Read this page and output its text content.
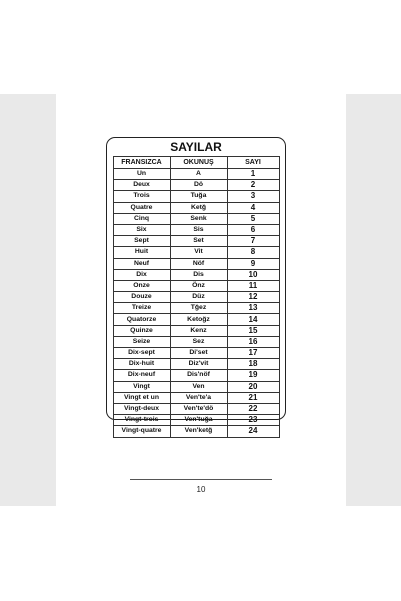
SAYILAR
FRANSIZCA	OKUNUŞ	SAYI
Un	A	1
Deux	Dö	2
Trois	Tuğa	3
Quatre	Ketğ	4
Cinq	Senk	5
Six	Sis	6
Sept	Set	7
Huit	Vit	8
Neuf	Nöf	9
Dix	Dis	10
Onze	Önz	11
Douze	Düz	12
Treize	Tğez	13
Quatorze	Ketoğz	14
Quinze	Kenz	15
Seize	Sez	16
Dix-sept	Di'set	17
Dix-huit	Diz'vit	18
Dix-neuf	Dis'nöf	19
Vingt	Ven	20
Vingt et un	Ven'te'a	21
Vingt-deux	Ven'te'dö	22
Vingt-trois	Ven'tuğa	23
Vingt-quatre	Ven'ketğ	24
10
